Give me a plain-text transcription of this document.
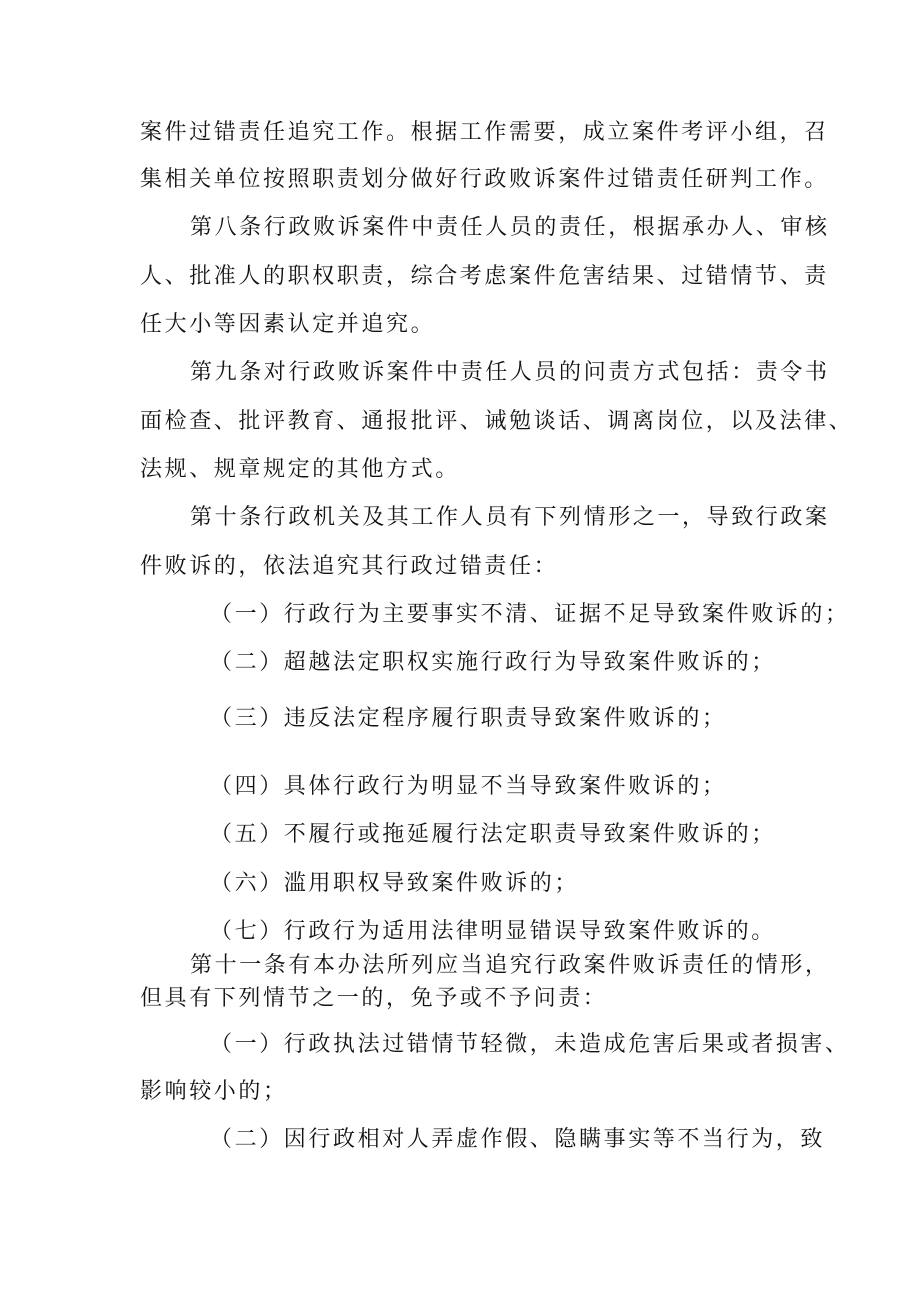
案件过错责任追究工作。根据工作需要，成立案件考评小组，召
集相关单位按照职责划分做好行政败诉案件过错责任研判工作。
第八条行政败诉案件中责任人员的责任，根据承办人、审核
人、批准人的职权职责，综合考虑案件危害结果、过错情节、责
任大小等因素认定并追究。
第九条对行政败诉案件中责任人员的问责方式包括：责令书
面检查、批评教育、通报批评、诫勉谈话、调离岗位，以及法律、
法规、规章规定的其他方式。
第十条行政机关及其工作人员有下列情形之一，导致行政案
件败诉的，依法追究其行政过错责任：
（一）行政行为主要事实不清、证据不足导致案件败诉的；
（二）超越法定职权实施行政行为导致案件败诉的；
（三）违反法定程序履行职责导致案件败诉的；
（四）具体行政行为明显不当导致案件败诉的；
（五）不履行或拖延履行法定职责导致案件败诉的；
（六）滥用职权导致案件败诉的；
（七）行政行为适用法律明显错误导致案件败诉的。
第十一条有本办法所列应当追究行政案件败诉责任的情形，
但具有下列情节之一的，免予或不予问责：
（一）行政执法过错情节轻微，未造成危害后果或者损害、
影响较小的；
（二）因行政相对人弄虚作假、隐瞒事实等不当行为，致
